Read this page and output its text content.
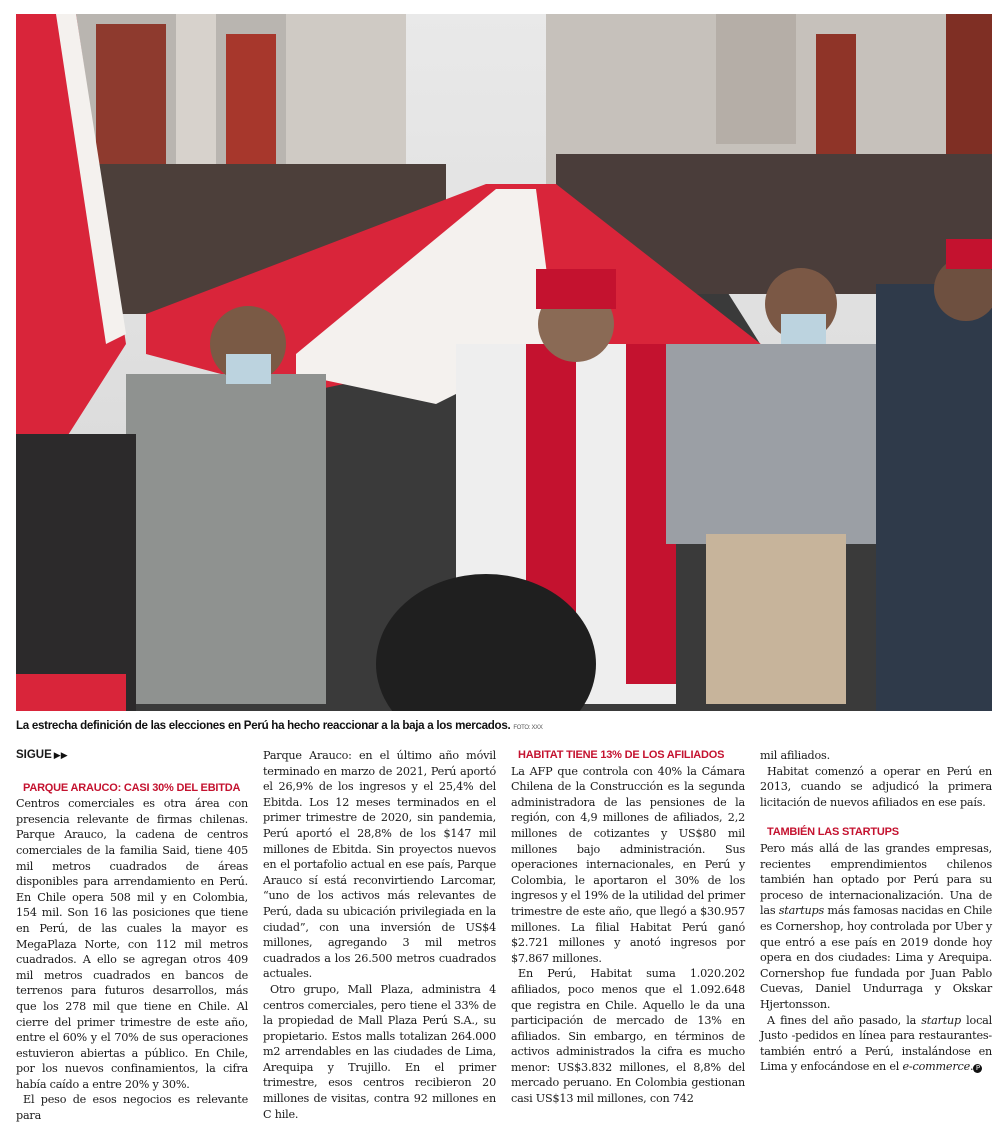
La estrecha definición de las elecciones en Perú ha hecho reaccionar a la baja a los mercados. FOTO: XXX
SIGUE ▶▶

PARQUE ARAUCO: CASI 30% DEL EBITDA

Centros comerciales es otra área con presencia relevante de firmas chilenas. Parque Arauco, la cadena de centros comerciales de la familia Said, tiene 405 mil metros cuadrados de áreas disponibles para arrendamiento en Perú. En Chile opera 508 mil y en Colombia, 154 mil. Son 16 las posiciones que tiene en Perú, de las cuales la mayor es MegaPlaza Norte, con 112 mil metros cuadrados. A ello se agregan otros 409 mil metros cuadrados en bancos de terrenos para futuros desarrollos, más que los 278 mil que tiene en Chile. Al cierre del primer trimestre de este año, entre el 60% y el 70% de sus operaciones estuvieron abiertas a público. En Chile, por los nuevos confinamientos, la cifra había caído a entre 20% y 30%.

El peso de esos negocios es relevante para

Parque Arauco: en el último año móvil terminado en marzo de 2021, Perú aportó el 26,9% de los ingresos y el 25,4% del Ebitda. Los 12 meses terminados en el primer trimestre de 2020, sin pandemia, Perú aportó el 28,8% de los $147 mil millones de Ebitda. Sin proyectos nuevos en el portafolio actual en ese país, Parque Arauco sí está reconvirtiendo Larcomar, “uno de los activos más relevantes de Perú, dada su ubicación privilegiada en la ciudad”, con una inversión de US$4 millones, agregando 3 mil metros cuadrados a los 26.500 metros cuadrados actuales.

Otro grupo, Mall Plaza, administra 4 centros comerciales, pero tiene el 33% de la propiedad de Mall Plaza Perú S.A., su propietario. Estos malls totalizan 264.000 m2 arrendables en las ciudades de Lima, Arequipa y Trujillo. En el primer trimestre, esos centros recibieron 20 millones de visitas, contra 92 millones en C hile.

HABITAT TIENE 13% DE LOS AFILIADOS

La AFP que controla con 40% la Cámara Chilena de la Construcción es la segunda administradora de las pensiones de la región, con 4,9 millones de afiliados, 2,2 millones de cotizantes y US$80 mil millones bajo administración. Sus operaciones internacionales, en Perú y Colombia, le aportaron el 30% de los ingresos y el 19% de la utilidad del primer trimestre de este año, que llegó a $30.957 millones. La filial Habitat Perú ganó $2.721 millones y anotó ingresos por $7.867 millones.

En Perú, Habitat suma 1.020.202 afiliados, poco menos que el 1.092.648 que registra en Chile. Aquello le da una participación de mercado de 13% en afiliados. Sin embargo, en términos de activos administrados la cifra es mucho menor: US$3.832 millones, el 8,8% del mercado peruano. En Colombia gestionan casi US$13 mil millones, con 742

mil afiliados.

Habitat comenzó a operar en Perú en 2013, cuando se adjudicó la primera licitación de nuevos afiliados en ese país.

TAMBIÉN LAS STARTUPS

Pero más allá de las grandes empresas, recientes emprendimientos chilenos también han optado por Perú para su proceso de internacionalización. Una de las startups más famosas nacidas en Chile es Cornershop, hoy controlada por Uber y que entró a ese país en 2019 donde hoy opera en dos ciudades: Lima y Arequipa. Cornershop fue fundada por Juan Pablo Cuevas, Daniel Undurraga y Okskar Hjertonsson.

A fines del año pasado, la startup local Justo -pedidos en línea para restaurantes- también entró a Perú, instalándose en Lima y enfocándose en el e-commerce. P
